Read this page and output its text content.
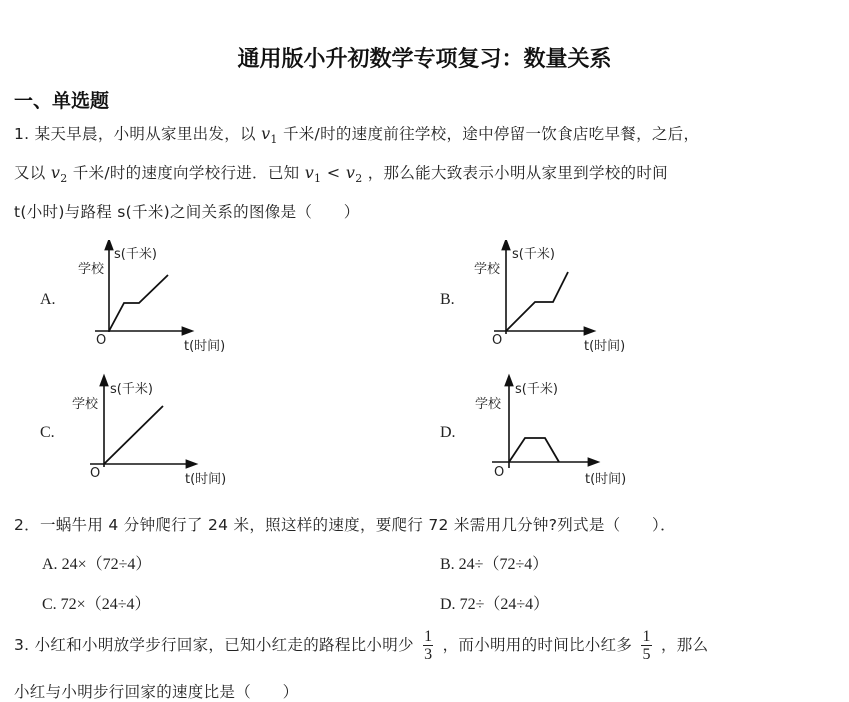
通用版小升初数学专项复习：数量关系
一、单选题
1. 某天早晨，小明从家里出发，以 $v_1$ 千米/时的速度前往学校，途中停留一饮食店吃早餐，之后，
又以 $v_2$ 千米/时的速度向学校行进．已知 $v_1 < v_2$ ，那么能大致表示小明从家里到学校的时间
t(小时)与路程 s(千米)之间关系的图像是（　　）
A.	B.
C.	D.
s(千米)
学校
O	t(时间)
s(千米)
学校
O	t(时间)
s(千米)
学校
O	t(时间)
s(千米)
学校
O	t(时间)
2．一蜗牛用 4 分钟爬行了 24 米，照这样的速度，要爬行 72 米需用几分钟?列式是（　　）．
A. 24×（72÷4）	B. 24÷（72÷4）
C. 72×（24÷4）	D. 72÷（24÷4）
3. 小红和小明放学步行回家，已知小红走的路程比小明少 $\frac{1}{3}$ ，而小明用的时间比小红多 $\frac{1}{5}$ ，那么
小红与小明步行回家的速度比是（　　）
